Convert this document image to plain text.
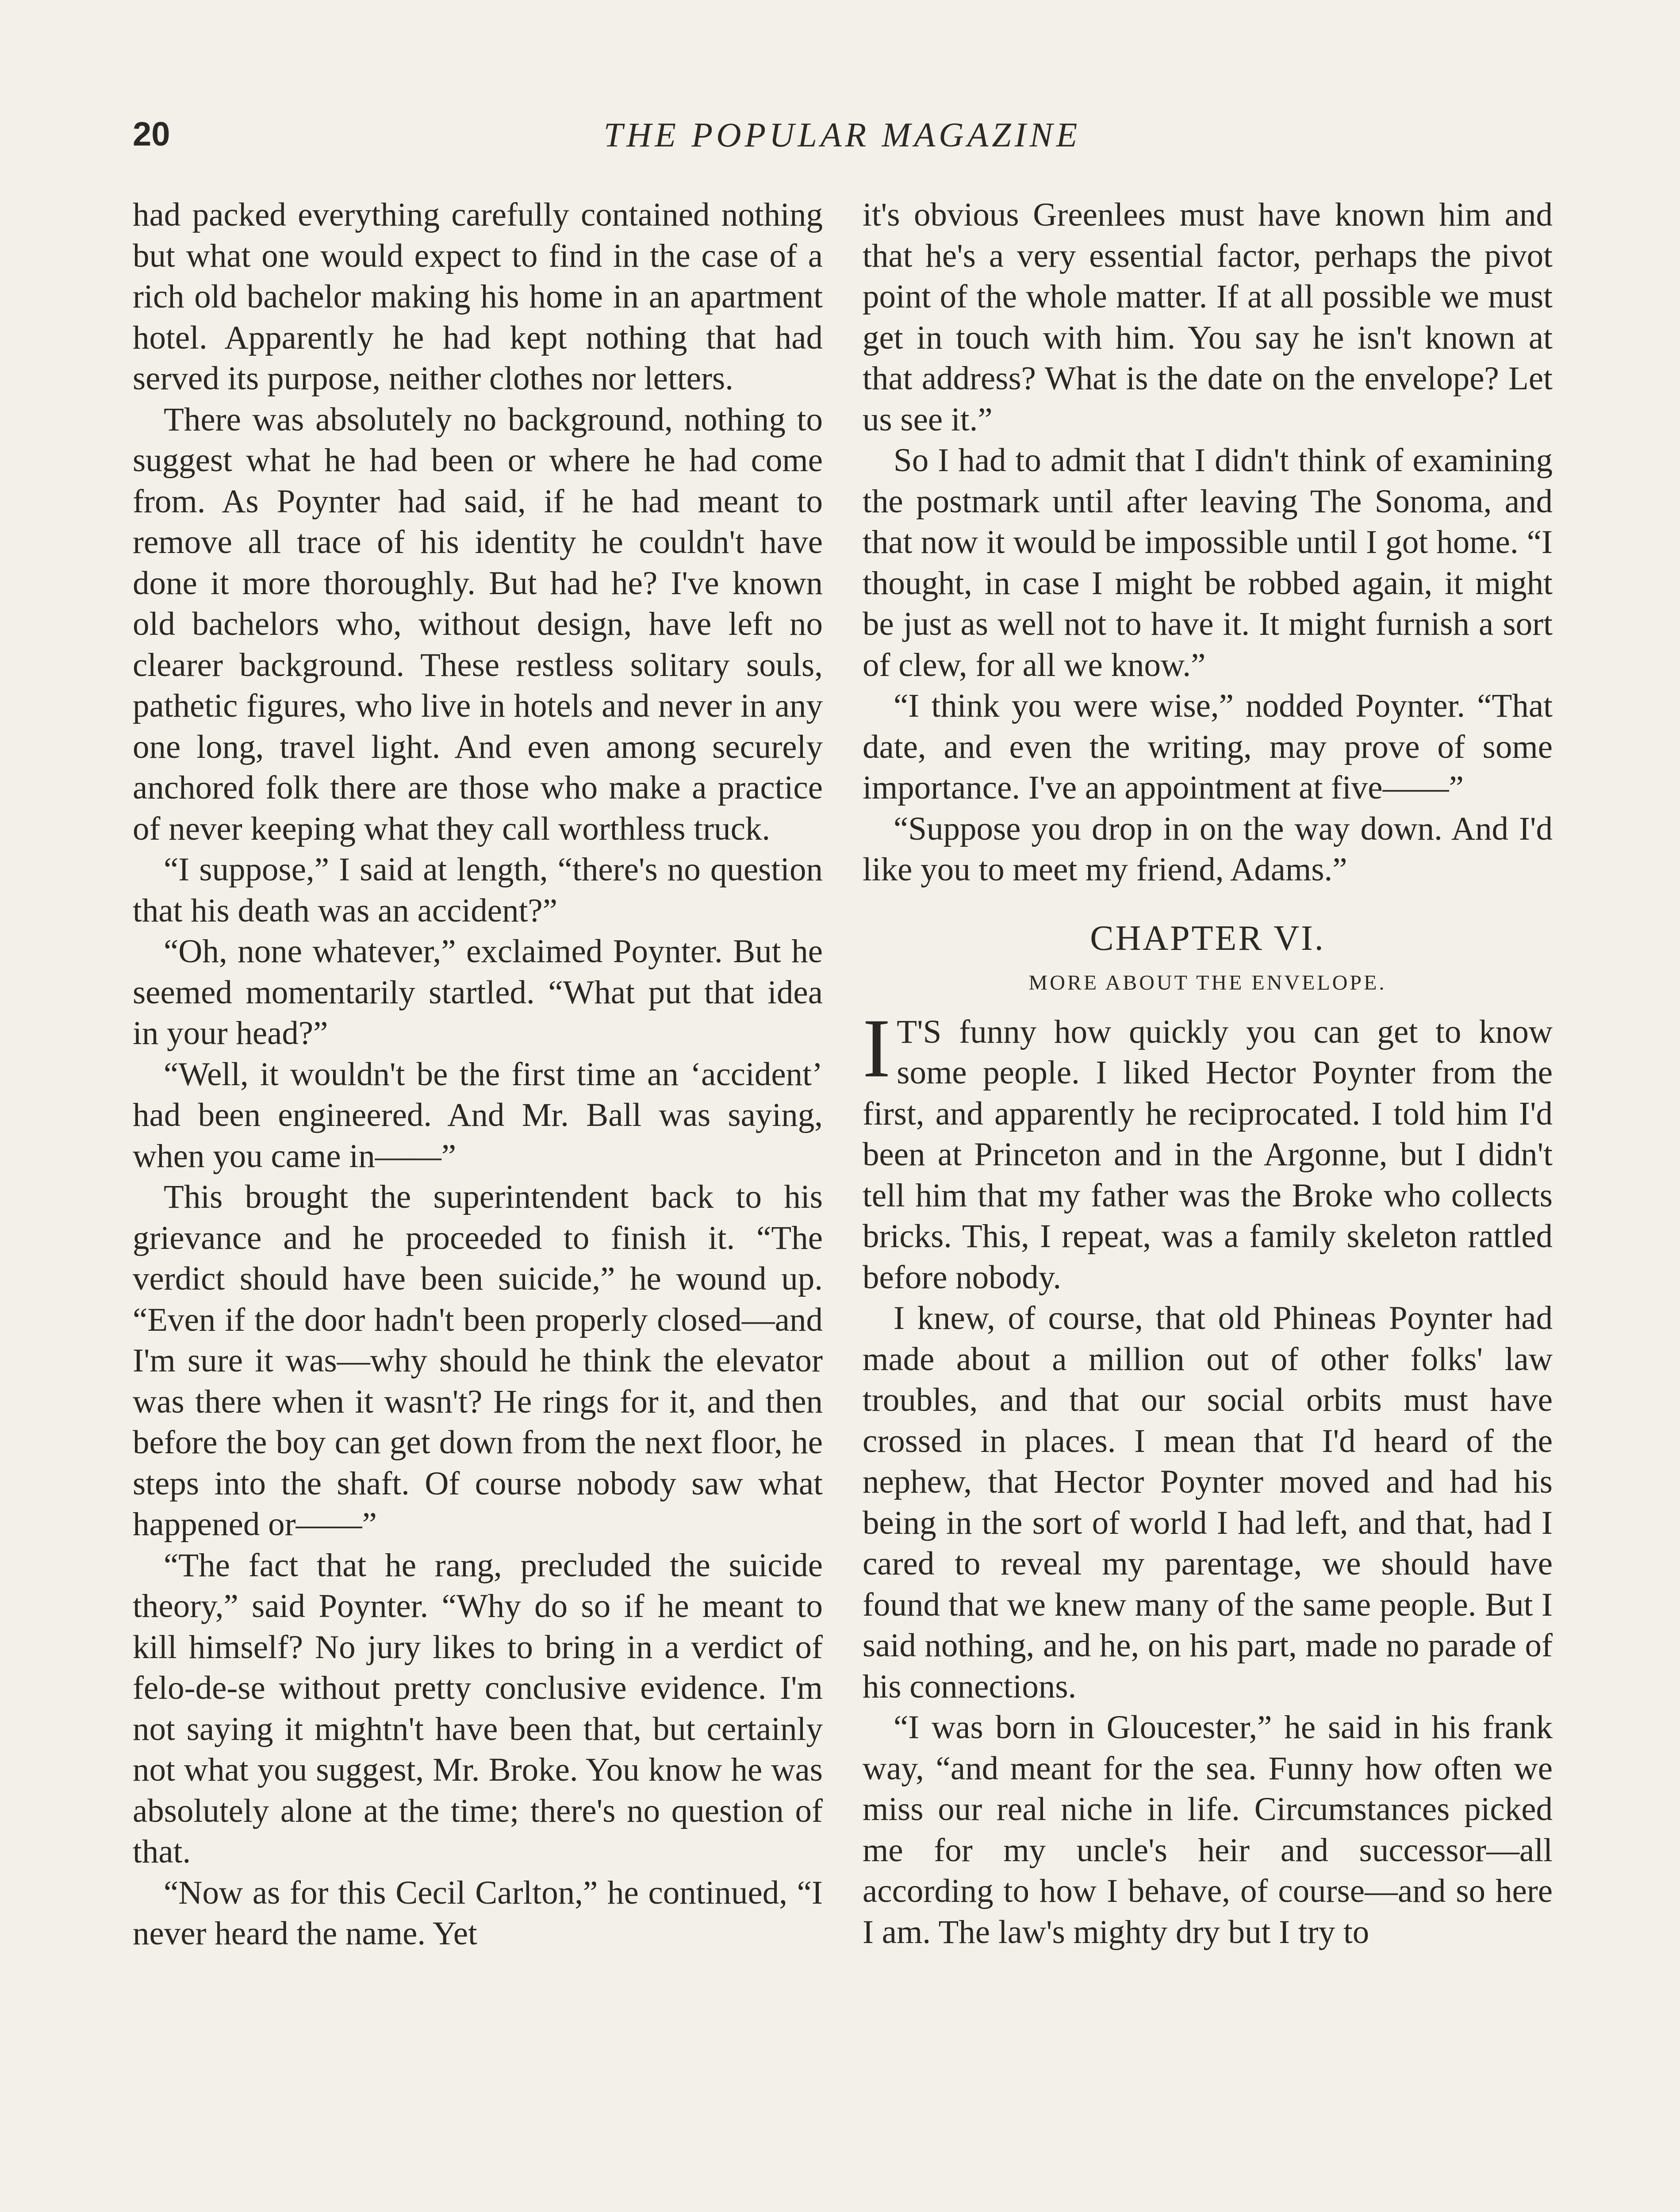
20	THE POPULAR MAGAZINE

had packed everything carefully contained nothing but what one would expect to find in the case of a rich old bachelor making his home in an apartment hotel. Apparently he had kept nothing that had served its purpose, neither clothes nor letters.

There was absolutely no background, nothing to suggest what he had been or where he had come from. As Poynter had said, if he had meant to remove all trace of his identity he couldn't have done it more thoroughly. But had he? I've known old bachelors who, without design, have left no clearer background. These restless solitary souls, pathetic figures, who live in hotels and never in any one long, travel light. And even among securely anchored folk there are those who make a practice of never keeping what they call worthless truck.

“I suppose,” I said at length, “there's no question that his death was an accident?”

“Oh, none whatever,” exclaimed Poynter. But he seemed momentarily startled. “What put that idea in your head?”

“Well, it wouldn't be the first time an ‘accident’ had been engineered. And Mr. Ball was saying, when you came in——”

This brought the superintendent back to his grievance and he proceeded to finish it. “The verdict should have been suicide,” he wound up. “Even if the door hadn't been properly closed—and I'm sure it was—why should he think the elevator was there when it wasn't? He rings for it, and then before the boy can get down from the next floor, he steps into the shaft. Of course nobody saw what happened or——”

“The fact that he rang, precluded the suicide theory,” said Poynter. “Why do so if he meant to kill himself? No jury likes to bring in a verdict of felo-de-se without pretty conclusive evidence. I'm not saying it mightn't have been that, but certainly not what you suggest, Mr. Broke. You know he was absolutely alone at the time; there's no question of that.

“Now as for this Cecil Carlton,” he continued, “I never heard the name. Yet

it's obvious Greenlees must have known him and that he's a very essential factor, perhaps the pivot point of the whole matter. If at all possible we must get in touch with him. You say he isn't known at that address? What is the date on the envelope? Let us see it.”

So I had to admit that I didn't think of examining the postmark until after leaving The Sonoma, and that now it would be impossible until I got home. “I thought, in case I might be robbed again, it might be just as well not to have it. It might furnish a sort of clew, for all we know.”

“I think you were wise,” nodded Poynter. “That date, and even the writing, may prove of some importance. I've an appointment at five——”

“Suppose you drop in on the way down. And I'd like you to meet my friend, Adams.”

CHAPTER VI.
MORE ABOUT THE ENVELOPE.

IT'S funny how quickly you can get to know some people. I liked Hector Poynter from the first, and apparently he reciprocated. I told him I'd been at Princeton and in the Argonne, but I didn't tell him that my father was the Broke who collects bricks. This, I repeat, was a family skeleton rattled before nobody.

I knew, of course, that old Phineas Poynter had made about a million out of other folks' law troubles, and that our social orbits must have crossed in places. I mean that I'd heard of the nephew, that Hector Poynter moved and had his being in the sort of world I had left, and that, had I cared to reveal my parentage, we should have found that we knew many of the same people. But I said nothing, and he, on his part, made no parade of his connections.

“I was born in Gloucester,” he said in his frank way, “and meant for the sea. Funny how often we miss our real niche in life. Circumstances picked me for my uncle's heir and successor—all according to how I behave, of course—and so here I am. The law's mighty dry but I try to
